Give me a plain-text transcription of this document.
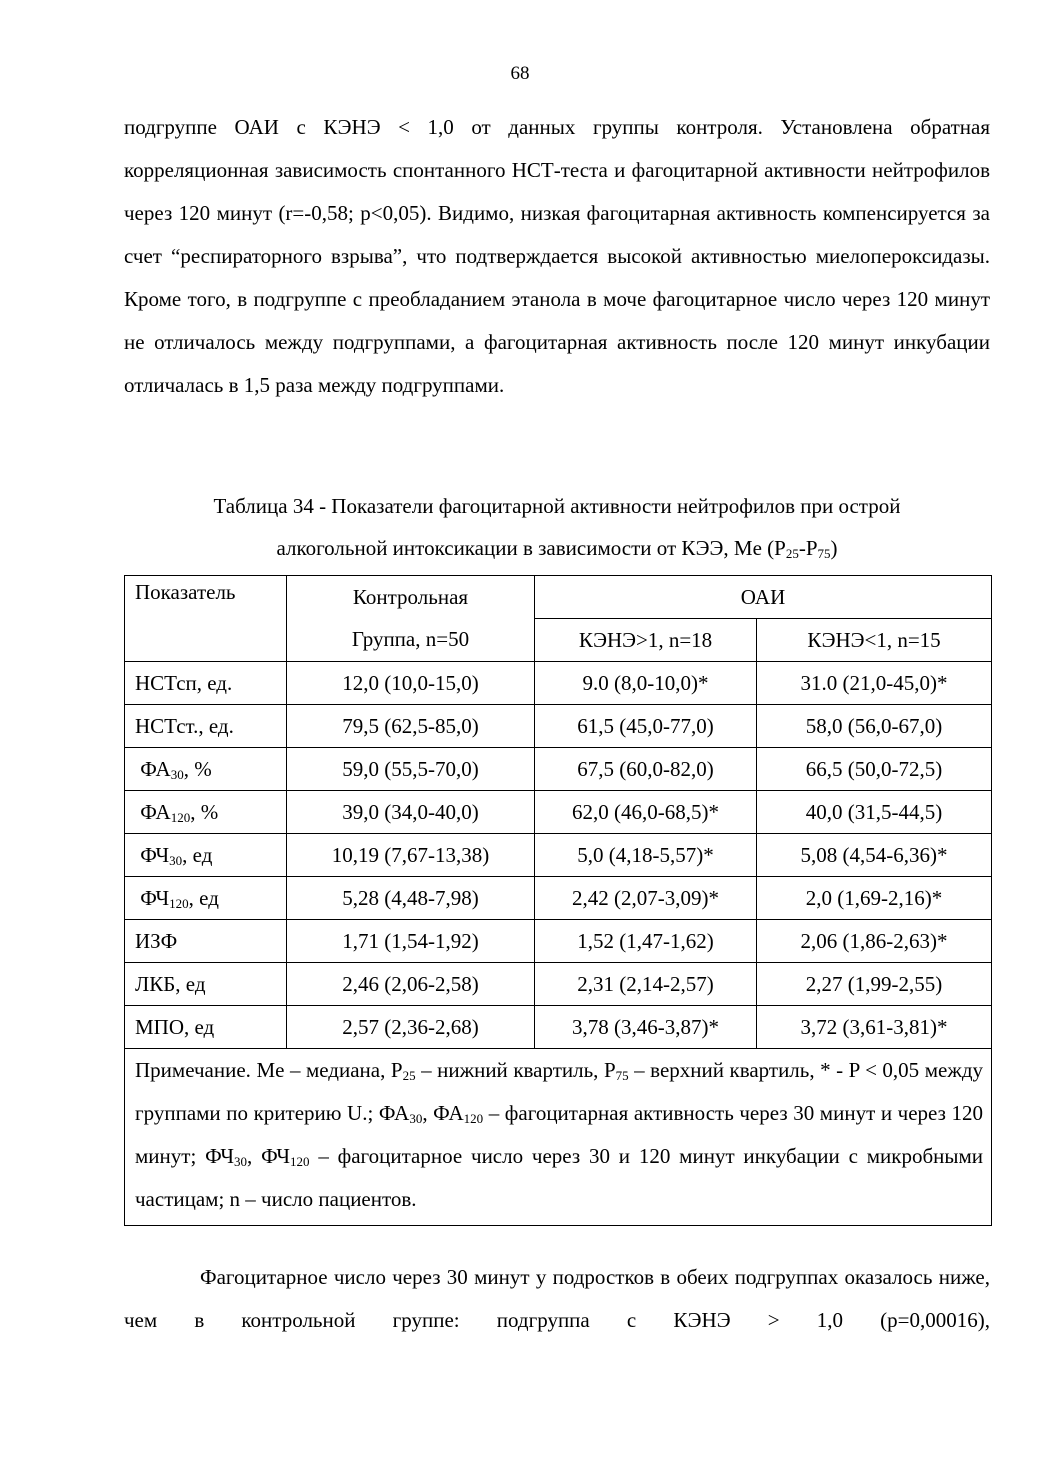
68
подгруппе ОАИ с КЭНЭ < 1,0 от данных группы контроля. Установлена обратная корреляционная зависимость спонтанного НСТ-теста и фагоцитарной активности нейтрофилов через 120 минут (r=-0,58; p<0,05). Видимо, низкая фагоцитарная активность компенсируется за счет “респираторного взрыва”, что подтверждается высокой активностью миелопероксидазы. Кроме того, в подгруппе с преобладанием этанола в моче фагоцитарное число через 120 минут не отличалось между подгруппами, а фагоцитарная активность после 120 минут инкубации отличалась в 1,5 раза между подгруппами.
Таблица 34 - Показатели фагоцитарной активности нейтрофилов при острой
алкогольной интоксикации в зависимости от КЭЭ, Me $(P_{25}-P_{75})$
Показатель	Контрольная	ОАИ	
	Группа, n=50	КЭНЭ>1, n=18	КЭНЭ<1, n=15
НСТсп, ед.	12,0 (10,0-15,0)	9.0 (8,0-10,0)*	31.0 (21,0-45,0)*
НСТст., ед.	79,5 (62,5-85,0)	61,5 (45,0-77,0)	58,0 (56,0-67,0)
$ФА_{30}$, %	59,0 (55,5-70,0)	67,5 (60,0-82,0)	66,5 (50,0-72,5)
$ФА_{120}$, %	39,0 (34,0-40,0)	62,0 (46,0-68,5)*	40,0 (31,5-44,5)
$ФЧ_{30}$, ед	10,19 (7,67-13,38)	5,0 (4,18-5,57)*	5,08 (4,54-6,36)*
$ФЧ_{120}$, ед	5,28 (4,48-7,98)	2,42 (2,07-3,09)*	2,0 (1,69-2,16)*
ИЗФ	1,71 (1,54-1,92)	1,52 (1,47-1,62)	2,06 (1,86-2,63)*
ЛКБ, ед	2,46 (2,06-2,58)	2,31 (2,14-2,57)	2,27 (1,99-2,55)
МПО, ед	2,57 (2,36-2,68)	3,78 (3,46-3,87)*	3,72 (3,61-3,81)*
Примечание. Me – медиана, $P_{25}$ – нижний квартиль, $P_{75}$ – верхний квартиль, * - P < 0,05 между группами по критерию U.; $ФА_{30}$, $ФА_{120}$ – фагоцитарная активность через 30 минут и через 120 минут; $ФЧ_{30}$, $ФЧ_{120}$ – фагоцитарное число через 30 и 120 минут инкубации с микробными частицам; n – число пациентов.			
Фагоцитарное число через 30 минут у подростков в обеих подгруппах оказалось ниже, чем в контрольной группе: подгруппа с КЭНЭ > 1,0 (p=0,00016),
